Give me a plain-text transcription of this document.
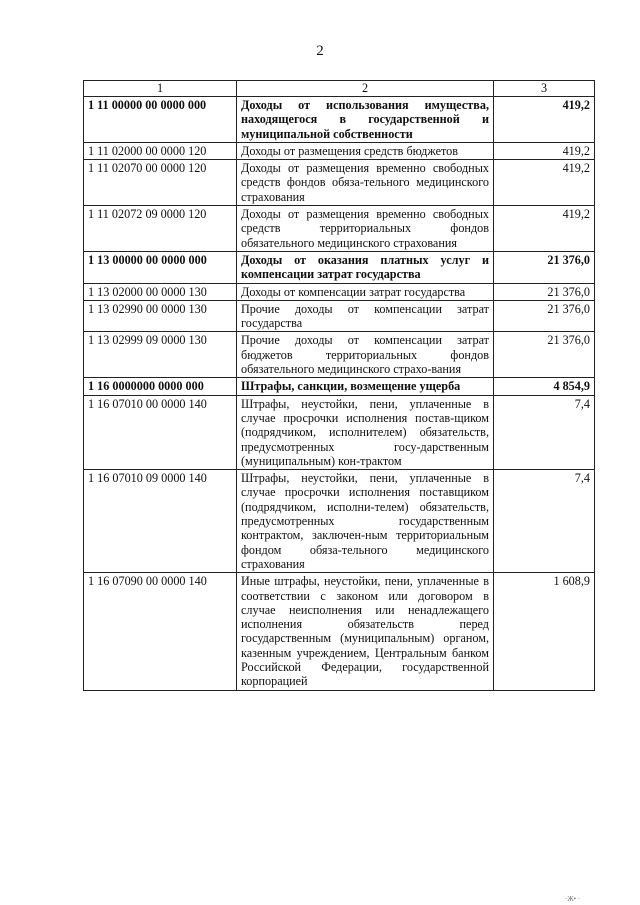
2
1	2	3
1 11 00000 00 0000 000	Доходы от использования имущества, находящегося в государственной и муниципальной собственности	419,2
1 11 02000 00 0000 120	Доходы от размещения средств бюджетов	419,2
1 11 02070 00 0000 120	Доходы от размещения временно свободных средств фондов обяза-тельного медицинского страхования	419,2
1 11 02072 09 0000 120	Доходы от размещения временно свободных средств территориальных фондов обязательного медицинского страхования	419,2
1 13 00000 00 0000 000	Доходы от оказания платных услуг и компенсации затрат государства	21 376,0
1 13 02000 00 0000 130	Доходы от компенсации затрат государства	21 376,0
1 13 02990 00 0000 130	Прочие доходы от компенсации затрат государства	21 376,0
1 13 02999 09 0000 130	Прочие доходы от компенсации затрат бюджетов территориальных фондов обязательного медицинского страхо-вания	21 376,0
1 16 0000000 0000 000	Штрафы, санкции, возмещение ущерба	4 854,9
1 16 07010 00 0000 140	Штрафы, неустойки, пени, уплаченные в случае просрочки исполнения постав-щиком (подрядчиком, исполнителем) обязательств, предусмотренных госу-дарственным (муниципальным) кон-трактом	7,4
1 16 07010 09 0000 140	Штрафы, неустойки, пени, уплаченные в случае просрочки исполнения поставщиком (подрядчиком, исполни-телем) обязательств, предусмотренных государственным контрактом, заключен-ным территориальным фондом обяза-тельного медицинского страхования	7,4
1 16 07090 00 0000 140	Иные штрафы, неустойки, пени, уплаченные в соответствии с законом или договором в случае неисполнения или ненадлежащего исполнения обязательств перед государственным (муниципальным) органом, казенным учреждением, Центральным банком Российской Федерации, государственной корпорацией	1 608,9
·Ж• ·
